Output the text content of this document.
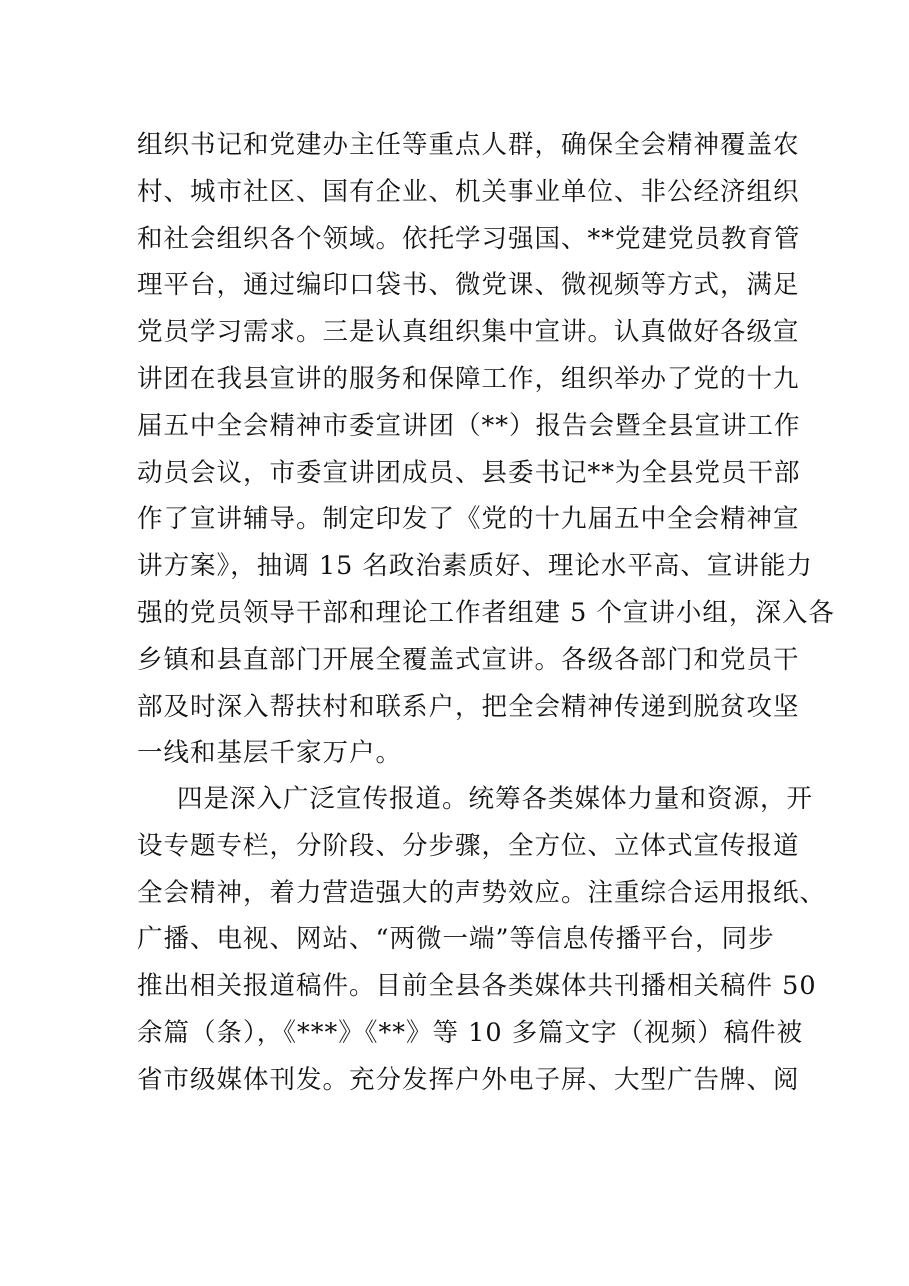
组织书记和党建办主任等重点人群，确保全会精神覆盖农
村、城市社区、国有企业、机关事业单位、非公经济组织
和社会组织各个领域。依托学习强国、**党建党员教育管
理平台，通过编印口袋书、微党课、微视频等方式，满足
党员学习需求。三是认真组织集中宣讲。认真做好各级宣
讲团在我县宣讲的服务和保障工作，组织举办了党的十九
届五中全会精神市委宣讲团（**）报告会暨全县宣讲工作
动员会议，市委宣讲团成员、县委书记**为全县党员干部
作了宣讲辅导。制定印发了《党的十九届五中全会精神宣
讲方案》，抽调 15 名政治素质好、理论水平高、宣讲能力
强的党员领导干部和理论工作者组建 5 个宣讲小组，深入各
乡镇和县直部门开展全覆盖式宣讲。各级各部门和党员干
部及时深入帮扶村和联系户，把全会精神传递到脱贫攻坚
一线和基层千家万户。
四是深入广泛宣传报道。统筹各类媒体力量和资源，开
设专题专栏，分阶段、分步骤，全方位、立体式宣传报道
全会精神，着力营造强大的声势效应。注重综合运用报纸、
广播、电视、网站、“两微一端”等信息传播平台，同步
推出相关报道稿件。目前全县各类媒体共刊播相关稿件 50
余篇（条），《***》《**》等 10 多篇文字（视频）稿件被
省市级媒体刊发。充分发挥户外电子屏、大型广告牌、阅
